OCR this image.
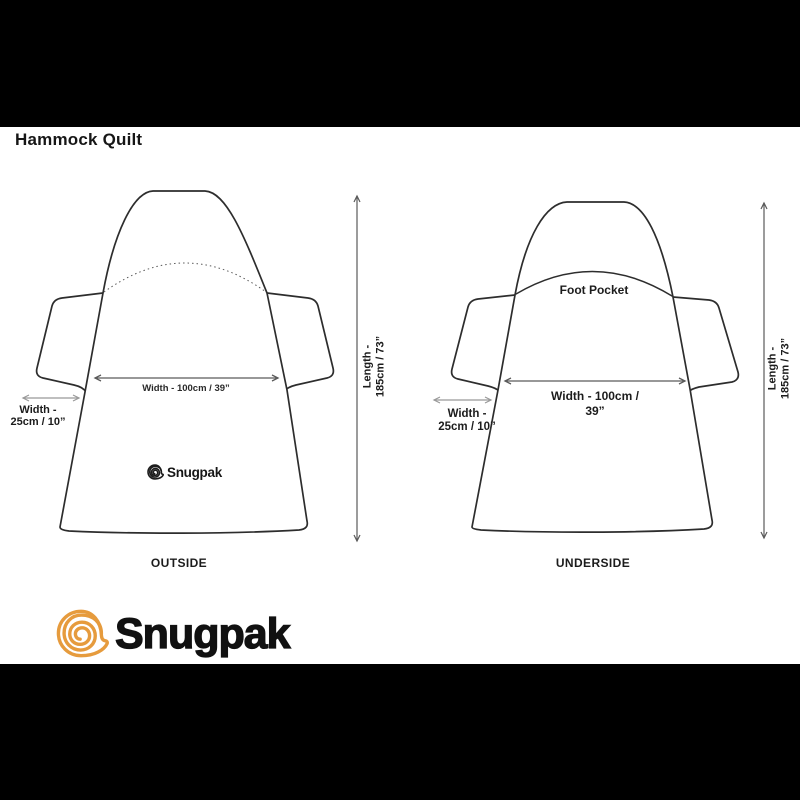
Hammock Quilt
Width - 100cm / 39”
Width -
25cm / 10”
Snugpak
OUTSIDE
Length - 185cm / 73”
Foot Pocket
Width - 100cm /
39”
Width -
25cm / 10”
UNDERSIDE
Length - 185cm / 73”
Snugpak
